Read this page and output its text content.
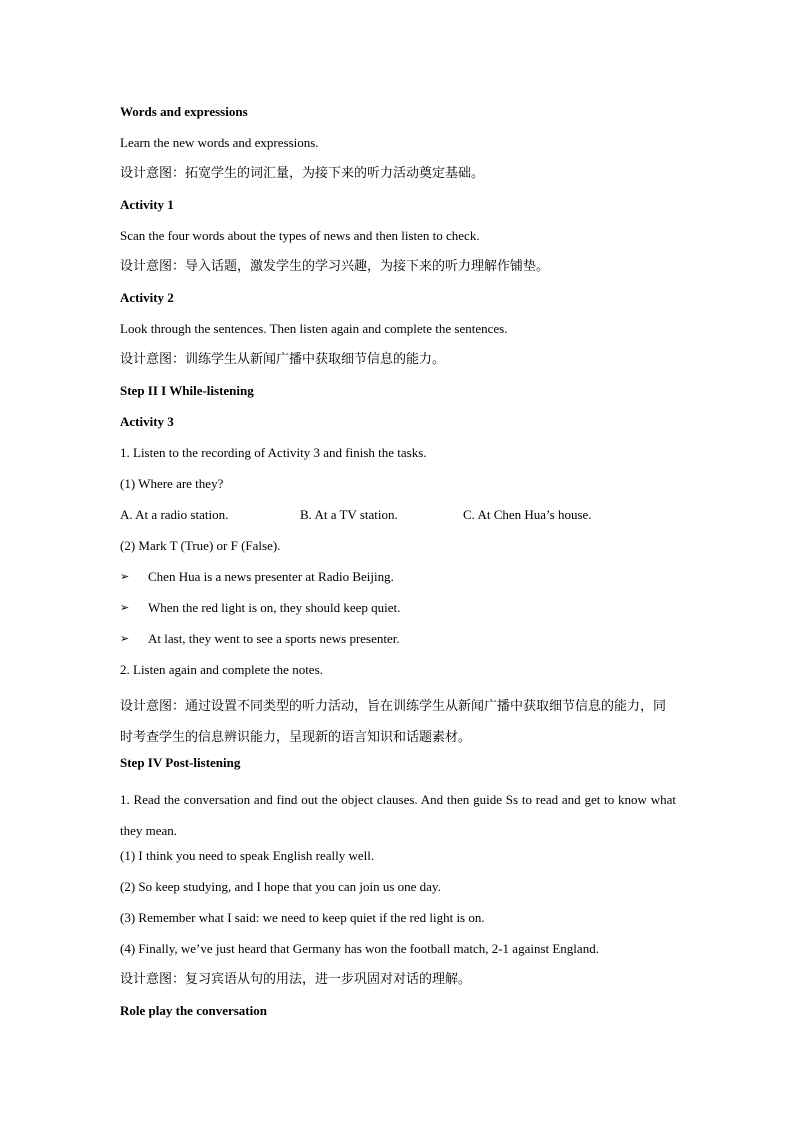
Words and expressions
Learn the new words and expressions.
设计意图：拓宽学生的词汇量，为接下来的听力活动奠定基础。
Activity 1
Scan the four words about the types of news and then listen to check.
设计意图：导入话题，激发学生的学习兴趣，为接下来的听力理解作铺垫。
Activity 2
Look through the sentences. Then listen again and complete the sentences.
设计意图：训练学生从新闻广播中获取细节信息的能力。
Step II I While-listening
Activity 3
1. Listen to the recording of Activity 3 and finish the tasks.
(1) Where are they?
A. At a radio station.	B. At a TV station.	C. At Chen Hua’s house.
(2) Mark T (True) or F (False).
➢	Chen Hua is a news presenter at Radio Beijing.
➢	When the red light is on, they should keep quiet.
➢	At last, they went to see a sports news presenter.
2. Listen again and complete the notes.
设计意图：通过设置不同类型的听力活动，旨在训练学生从新闻广播中获取细节信息的能力，同时考查学生的信息辨识能力，呈现新的语言知识和话题素材。
Step IV Post-listening
1. Read the conversation and find out the object clauses. And then guide Ss to read and get to know what they mean.
(1) I think you need to speak English really well.
(2) So keep studying, and I hope that you can join us one day.
(3) Remember what I said: we need to keep quiet if the red light is on.
(4) Finally, we’ve just heard that Germany has won the football match, 2-1 against England.
设计意图：复习宾语从句的用法，进一步巩固对对话的理解。
Role play the conversation
